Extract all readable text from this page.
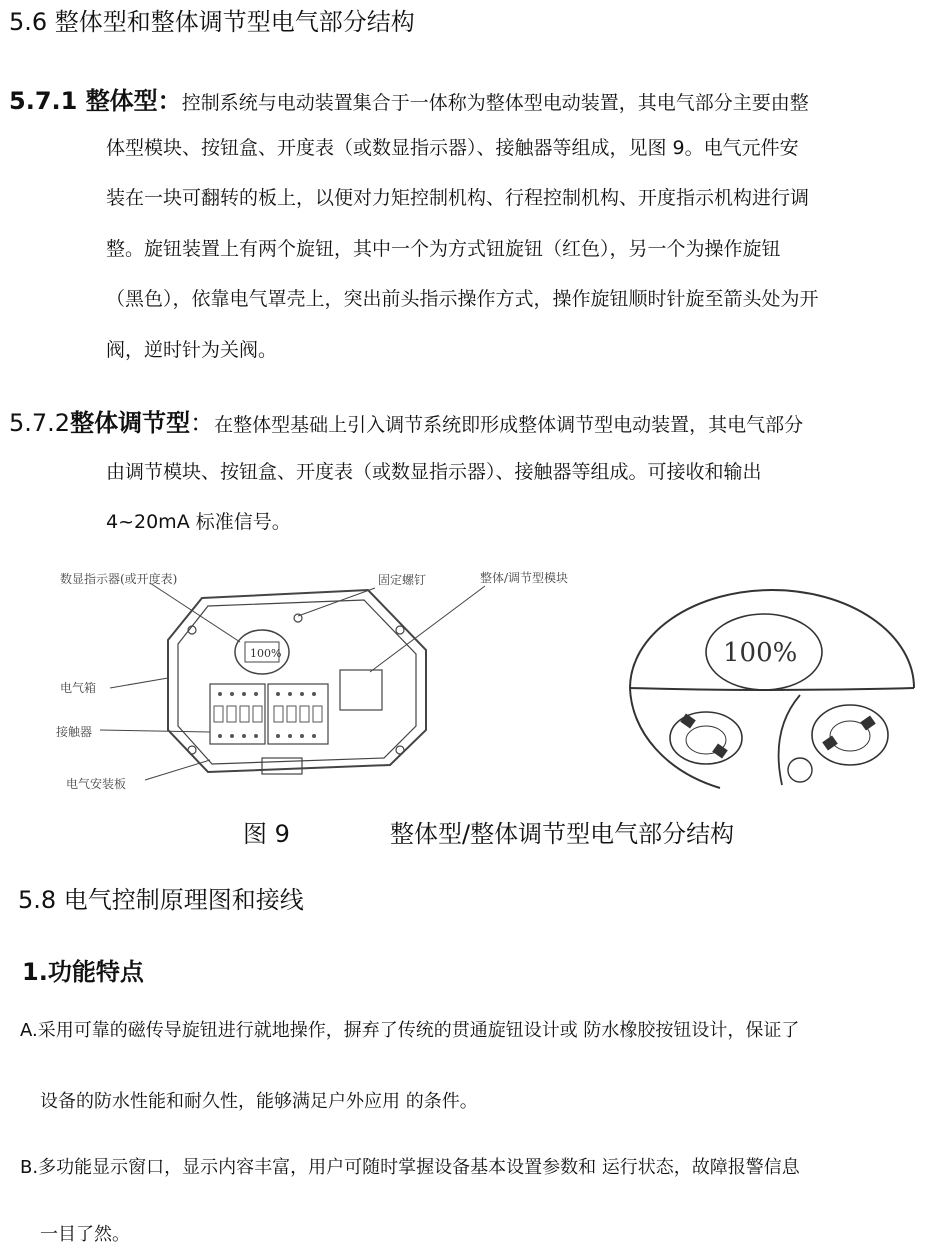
5.6 整体型和整体调节型电气部分结构
5.7.1 整体型：控制系统与电动装置集合于一体称为整体型电动装置，其电气部分主要由整
体型模块、按钮盒、开度表（或数显指示器）、接触器等组成，见图 9。电气元件安
装在一块可翻转的板上，以便对力矩控制机构、行程控制机构、开度指示机构进行调
整。旋钮装置上有两个旋钮，其中一个为方式钮旋钮（红色），另一个为操作旋钮
（黑色），依靠电气罩壳上，突出前头指示操作方式，操作旋钮顺时针旋至箭头处为开
阀，逆时针为关阀。
5.7.2整体调节型：在整体型基础上引入调节系统即形成整体调节型电动装置，其电气部分
由调节模块、按钮盒、开度表（或数显指示器）、接触器等组成。可接收和输出
4~20mA 标准信号。
100%
数显指示器(或开度表)	固定螺钉	整体/调节型模块
电气箱
接触器
电气安装板
100%
图 9	整体型/整体调节型电气部分结构
5.8 电气控制原理图和接线
1.功能特点
A.采用可靠的磁传导旋钮进行就地操作，摒弃了传统的贯通旋钮设计或 防水橡胶按钮设计，保证了
设备的防水性能和耐久性，能够满足户外应用 的条件。
B.多功能显示窗口，显示内容丰富，用户可随时掌握设备基本设置参数和 运行状态，故障报警信息
一目了然。
